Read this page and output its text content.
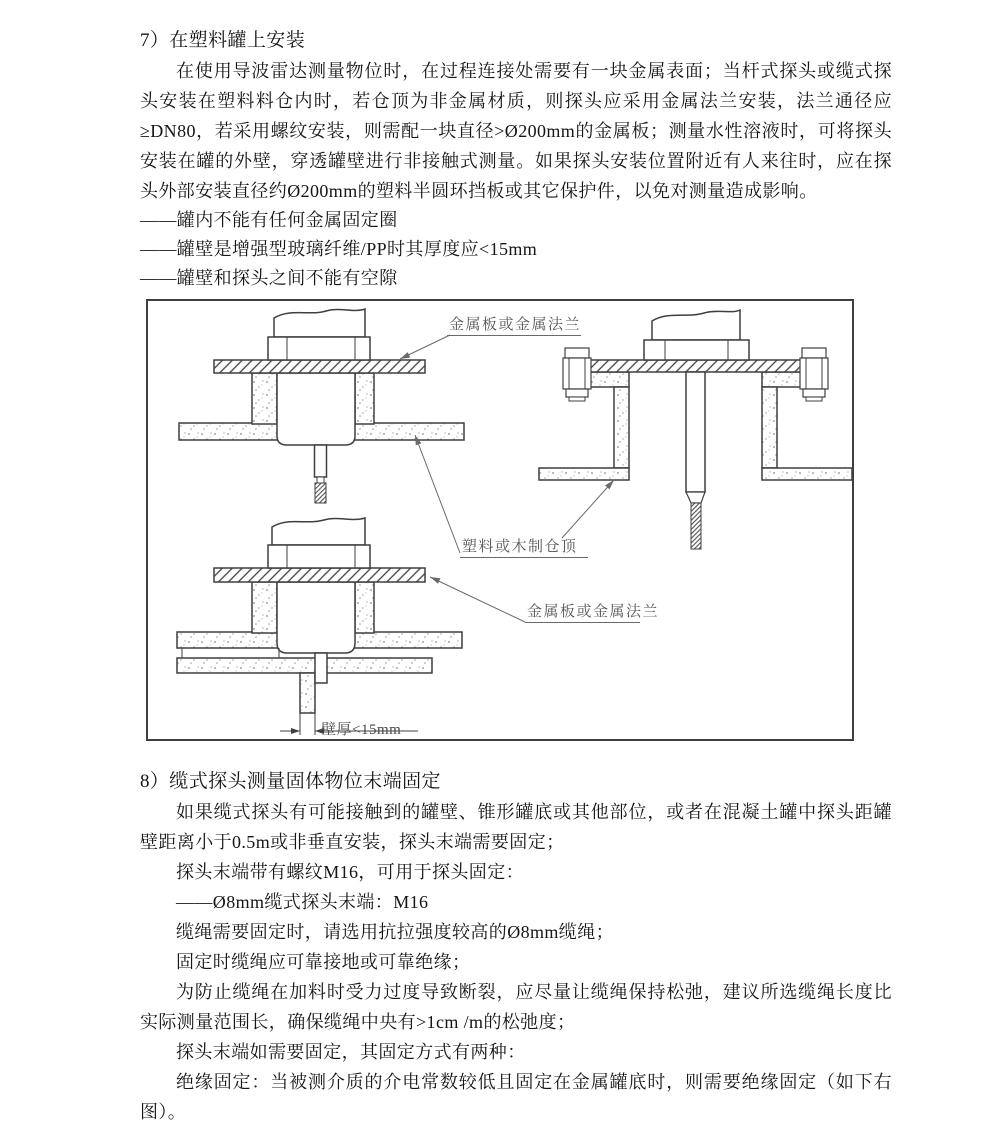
7）在塑料罐上安装

在使用导波雷达测量物位时，在过程连接处需要有一块金属表面；当杆式探头或缆式探头安装在塑料料仓内时，若仓顶为非金属材质，则探头应采用金属法兰安装，法兰通径应≥DN80，若采用螺纹安装，则需配一块直径>Ø200mm的金属板；测量水性溶液时，可将探头安装在罐的外壁，穿透罐壁进行非接触式测量。如果探头安装位置附近有人来往时，应在探头外部安装直径约Ø200mm的塑料半圆环挡板或其它保护件，以免对测量造成影响。

——罐内不能有任何金属固定圈
——罐壁是增强型玻璃纤维/PP时其厚度应<15mm
——罐壁和探头之间不能有空隙
金属板或金属法兰
塑料或木制仓顶
金属板或金属法兰
壁厚<15mm
8）缆式探头测量固体物位末端固定

如果缆式探头有可能接触到的罐壁、锥形罐底或其他部位，或者在混凝土罐中探头距罐壁距离小于0.5m或非垂直安装，探头末端需要固定；

探头末端带有螺纹M16，可用于探头固定：

——Ø8mm缆式探头末端：M16

缆绳需要固定时，请选用抗拉强度较高的Ø8mm缆绳；

固定时缆绳应可靠接地或可靠绝缘；

为防止缆绳在加料时受力过度导致断裂，应尽量让缆绳保持松弛，建议所选缆绳长度比实际测量范围长，确保缆绳中央有>1cm /m的松弛度；

探头末端如需要固定，其固定方式有两种：

绝缘固定：当被测介质的介电常数较低且固定在金属罐底时，则需要绝缘固定（如下右图）。
